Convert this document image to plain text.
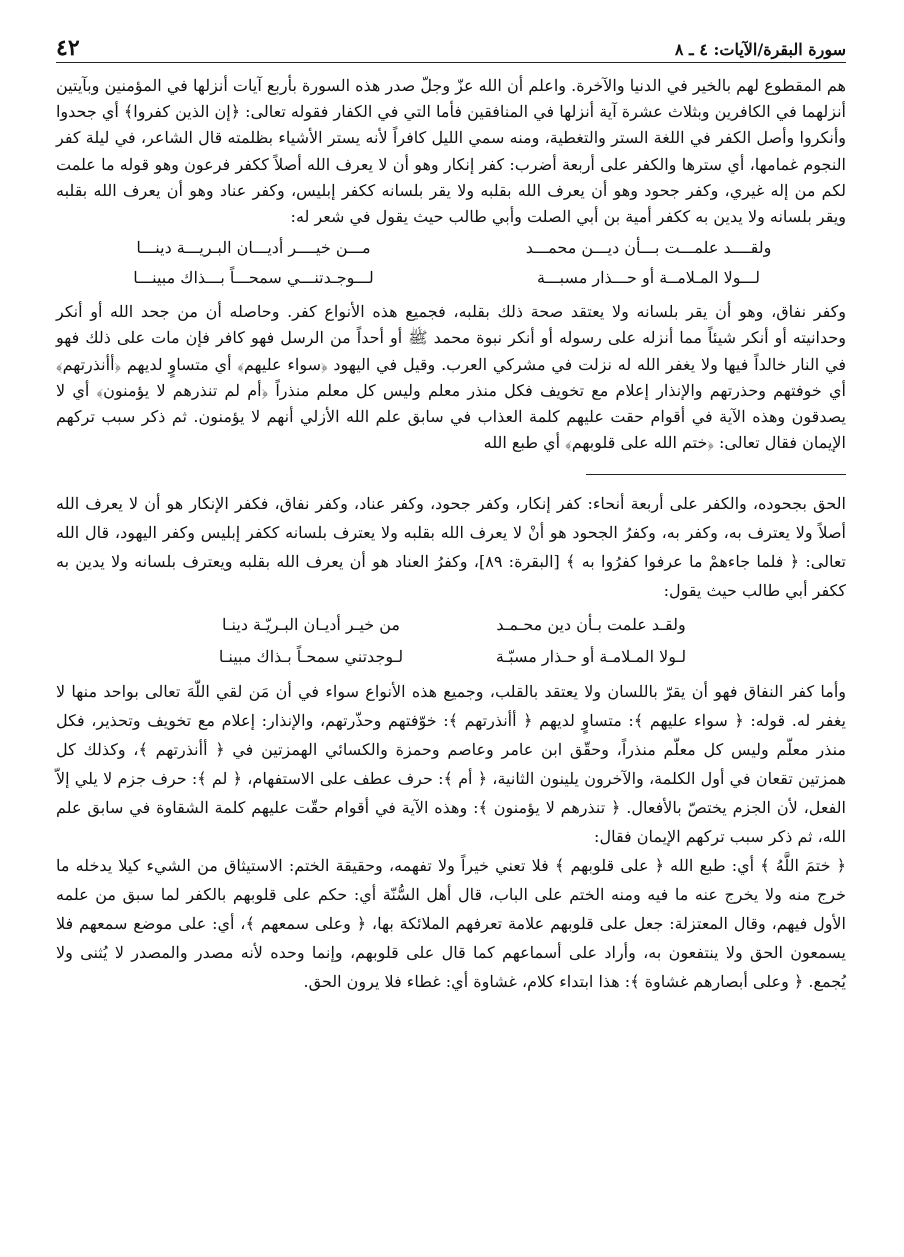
سورة البقرة/الآيات: ٤ ـ ٨
٤٢

هم المقطوع لهم بالخير في الدنيا والآخرة. واعلم أن الله عزّ وجلّ صدر هذه السورة بأربع آيات أنزلها في المؤمنين وبآيتين أنزلهما في الكافرين وبثلاث عشرة آية أنزلها في المنافقين فأما التي في الكفار فقوله تعالى: ﴿إن الذين كفروا﴾ أي جحدوا وأنكروا وأصل الكفر في اللغة الستر والتغطية، ومنه سمي الليل كافراً لأنه يستر الأشياء بظلمته قال الشاعر، في ليلة كفر النجوم غمامها، أي سترها والكفر على أربعة أضرب: كفر إنكار وهو أن لا يعرف الله أصلاً ككفر فرعون وهو قوله ما علمت لكم من إله غيري، وكفر جحود وهو أن يعرف الله بقلبه ولا يقر بلسانه ككفر إبليس، وكفر عناد وهو أن يعرف الله بقلبه ويقر بلسانه ولا يدين به ككفر أمية بن أبي الصلت وأبي طالب حيث يقول في شعر له:

ولقــــد علمـــت بـــأن ديـــن محمـــد
مـــن خيــــر أديـــان البـريـــة دينـــا
لـــولا المـلامــة أو حـــذار مسبـــة
لـــوجـدتنـــي سمحـــاً بـــذاك مبينـــا

وكفر نفاق، وهو أن يقر بلسانه ولا يعتقد صحة ذلك بقلبه، فجميع هذه الأنواع كفر. وحاصله أن من جحد الله أو أنكر وحدانيته أو أنكر شيئاً مما أنزله على رسوله أو أنكر نبوة محمد ﷺ أو أحداً من الرسل فهو كافر فإن مات على ذلك فهو في النار خالداً فيها ولا يغفر الله له نزلت في مشركي العرب. وقيل في اليهود ﴿سواء عليهم﴾ أي متساوٍ لديهم ﴿أأنذرتهم﴾ أي خوفتهم وحذرتهم والإنذار إعلام مع تخويف فكل منذر معلم وليس كل معلم منذراً ﴿أم لم تنذرهم لا يؤمنون﴾ أي لا يصدقون وهذه الآية في أقوام حقت عليهم كلمة العذاب في سابق علم الله الأزلي أنهم لا يؤمنون. ثم ذكر سبب تركهم الإيمان فقال تعالى: ﴿ختم الله على قلوبهم﴾ أي طبع الله

الحق بجحوده، والكفر على أربعة أنحاء: كفر إنكار، وكفر جحود، وكفر عناد، وكفر نفاق، فكفر الإنكار هو أن لا يعرف الله أصلاً ولا يعترف به، وكفر به، وكفرُ الجحود هو أنْ لا يعرف الله بقلبه ولا يعترف بلسانه ككفر إبليس وكفر اليهود، قال الله تعالى: ﴿ فلما جاءهمْ ما عرفوا كفرُوا به ﴾ [البقرة: ٨٩]، وكفرُ العناد هو أن يعرف الله بقلبه ويعترف بلسانه ولا يدين به ككفر أبي طالب حيث يقول:

ولقـد علمت بـأن دين محـمـد
من خيـر أديـان البـريّـة دينـا
لـولا المـلامـة أو حـذار مسبّـة
لـوجدتني سمحـاً بـذاك مبينـا

وأما كفر النفاق فهو أن يقرّ باللسان ولا يعتقد بالقلب، وجميع هذه الأنواع سواء في أن مَن لقي اللّهَ تعالى بواحد منها لا يغفر له. قوله: ﴿ سواء عليهم ﴾: متساوٍ لديهم ﴿ أأنذرتهم ﴾: خوّفتهم وحذّرتهم، والإنذار: إعلام مع تخويف وتحذير، فكل منذر معلّم وليس كل معلّم منذراً، وحقّق ابن عامر وعاصم وحمزة والكسائي الهمزتين في ﴿ أأنذرتهم ﴾، وكذلك كل همزتين تقعان في أول الكلمة، والآخرون يلينون الثانية، ﴿ أم ﴾: حرف عطف على الاستفهام، ﴿ لم ﴾: حرف جزم لا يلي إلاّ الفعل، لأن الجزم يختصّ بالأفعال. ﴿ تنذرهم لا يؤمنون ﴾: وهذه الآية في أقوام حقّت عليهم كلمة الشقاوة في سابق علم الله، ثم ذكر سبب تركهم الإيمان فقال:

﴿ ختمَ اللَّهُ ﴾ أي: طبع الله ﴿ على قلوبهم ﴾ فلا تعني خيراً ولا تفهمه، وحقيقة الختم: الاستيثاق من الشيء كيلا يدخله ما خرج منه ولا يخرج عنه ما فيه ومنه الختم على الباب، قال أهل السُّنّة أي: حكم على قلوبهم بالكفر لما سبق من علمه الأول فيهم، وقال المعتزلة: جعل على قلوبهم علامة تعرفهم الملائكة بها، ﴿ وعلى سمعهم ﴾، أي: على موضع سمعهم فلا يسمعون الحق ولا ينتفعون به، وأراد على أسماعهم كما قال على قلوبهم، وإنما وحده لأنه مصدر والمصدر لا يُثنى ولا يُجمع. ﴿ وعلى أبصارهم غشاوة ﴾: هذا ابتداء كلام، غشاوة أي: غطاء فلا يرون الحق.
